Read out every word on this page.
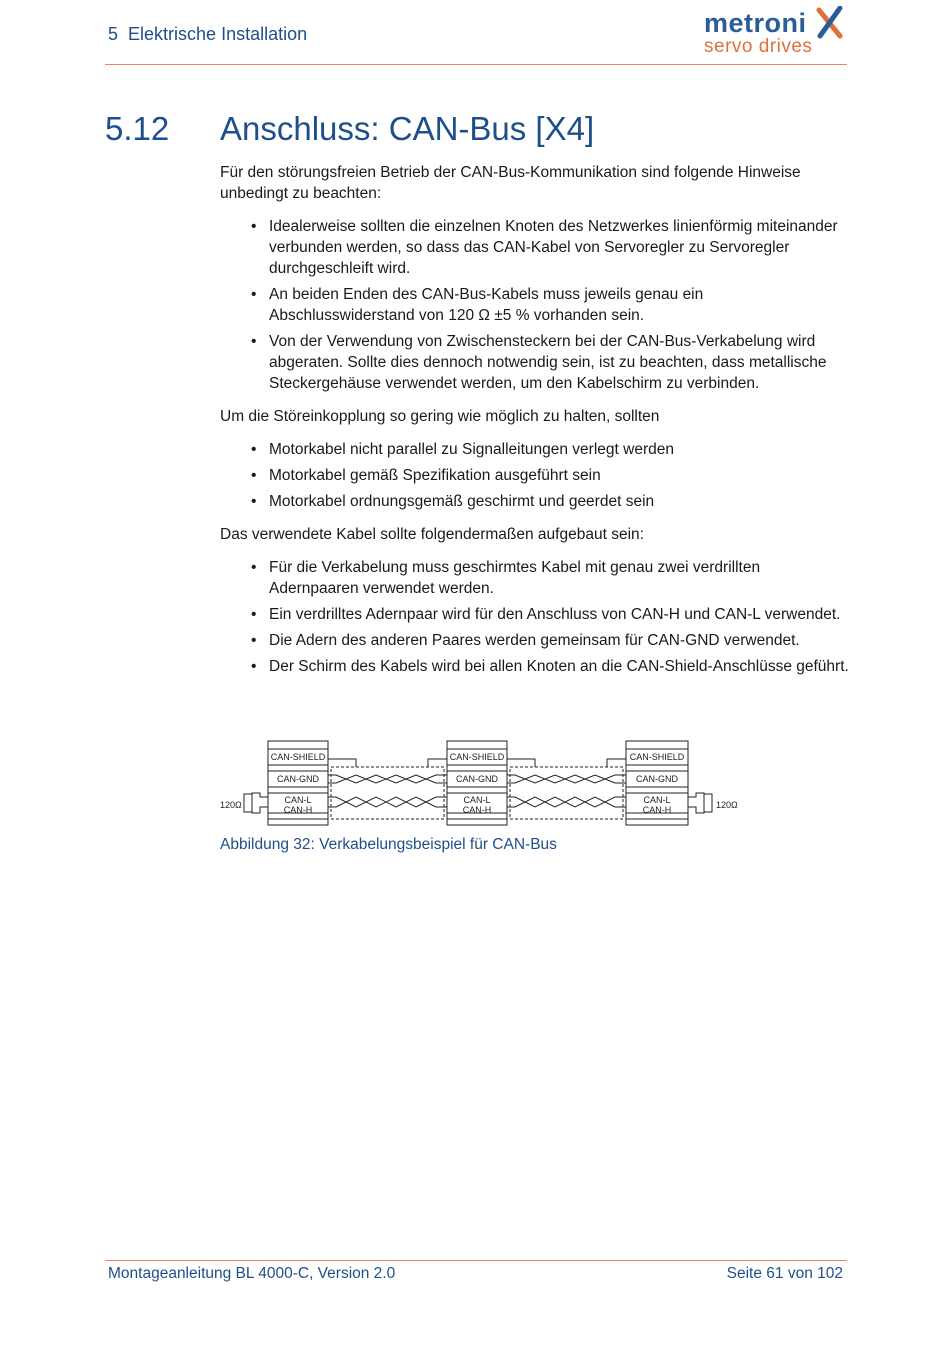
5 Elektrische Installation	metroni
servo drives
5.12 Anschluss: CAN-Bus [X4]

Für den störungsfreien Betrieb der CAN-Bus-Kommunikation sind folgende Hinweise unbedingt zu beachten:

• Idealerweise sollten die einzelnen Knoten des Netzwerkes linienförmig miteinander verbunden werden, so dass das CAN-Kabel von Servoregler zu Servoregler durchgeschleift wird.
• An beiden Enden des CAN-Bus-Kabels muss jeweils genau ein Abschlusswiderstand von 120 Ω ±5 % vorhanden sein.
• Von der Verwendung von Zwischensteckern bei der CAN-Bus-Verkabelung wird abgeraten. Sollte dies dennoch notwendig sein, ist zu beachten, dass metallische Steckergehäuse verwendet werden, um den Kabelschirm zu verbinden.

Um die Störeinkopplung so gering wie möglich zu halten, sollten

• Motorkabel nicht parallel zu Signalleitungen verlegt werden
• Motorkabel gemäß Spezifikation ausgeführt sein
• Motorkabel ordnungsgemäß geschirmt und geerdet sein

Das verwendete Kabel sollte folgendermaßen aufgebaut sein:

• Für die Verkabelung muss geschirmtes Kabel mit genau zwei verdrillten Adernpaaren verwendet werden.
• Ein verdrilltes Adernpaar wird für den Anschluss von CAN-H und CAN-L verwendet.
• Die Adern des anderen Paares werden gemeinsam für CAN-GND verwendet.
• Der Schirm des Kabels wird bei allen Knoten an die CAN-Shield-Anschlüsse geführt.
CAN-SHIELD
CAN-GND
CAN-L
CAN-H
CAN-SHIELD
CAN-GND
CAN-L
CAN-H
CAN-SHIELD
CAN-GND
CAN-L
CAN-H
120Ω	120Ω
Abbildung 32: Verkabelungsbeispiel für CAN-Bus
Montageanleitung BL 4000-C, Version 2.0	Seite 61 von 102
